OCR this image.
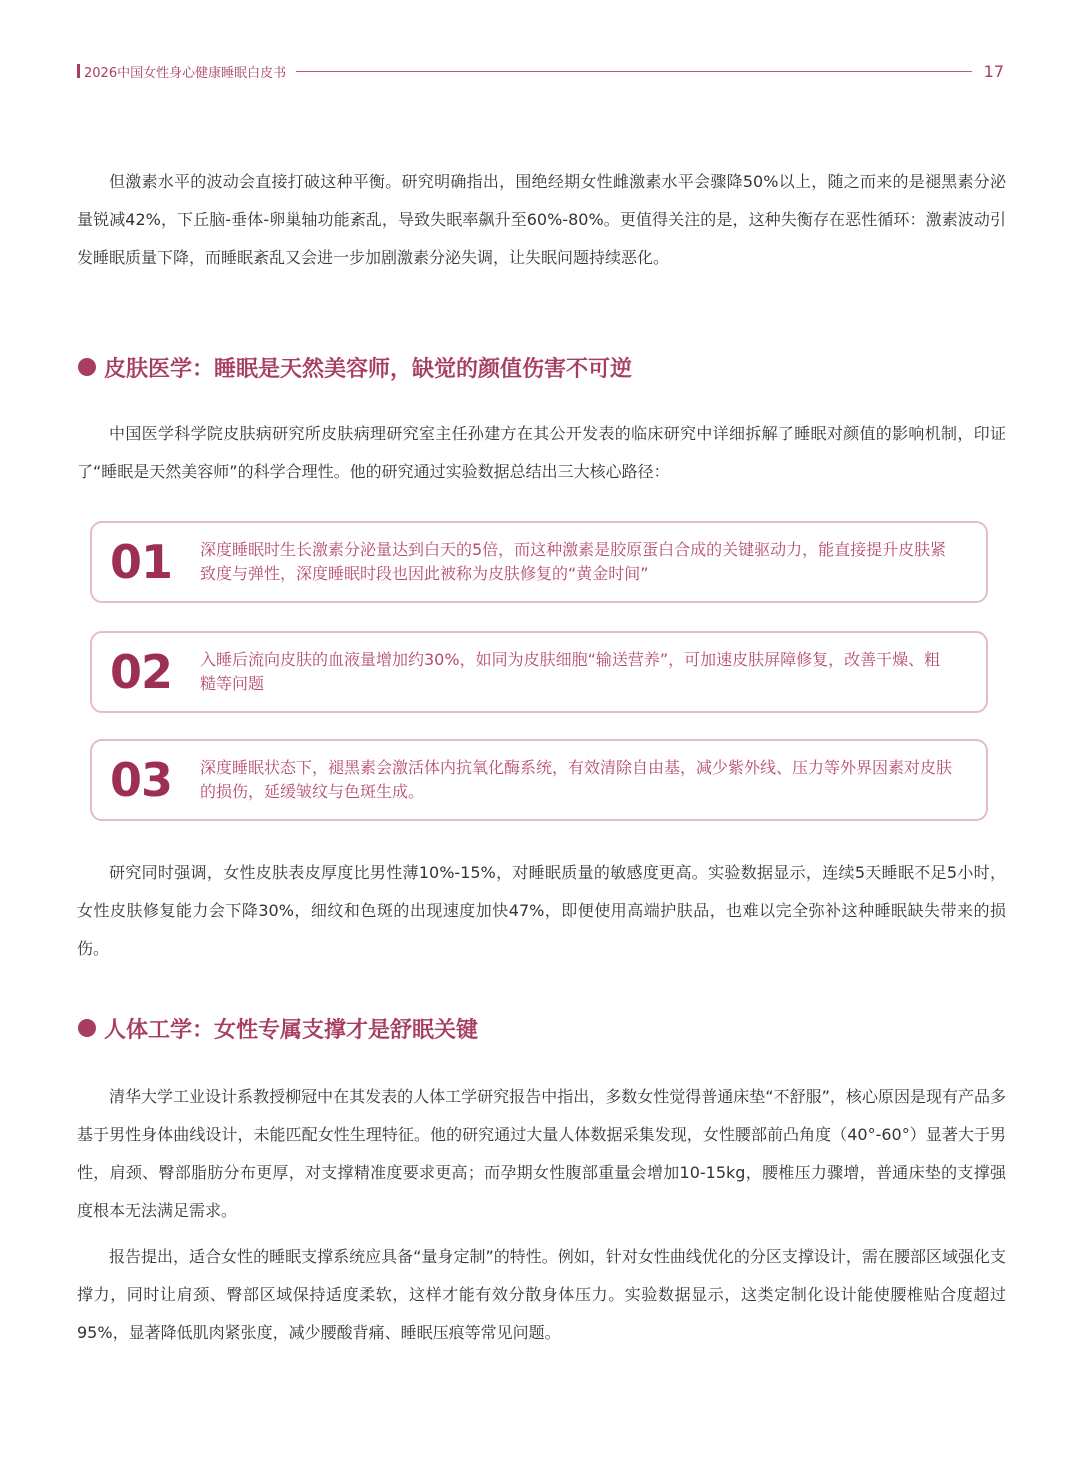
2026中国女性身心健康睡眠白皮书	17

但激素水平的波动会直接打破这种平衡。研究明确指出，围绝经期女性雌激素水平会骤降50%以上，随之而来的是褪黑素分泌量锐减42%，下丘脑-垂体-卵巢轴功能紊乱，导致失眠率飙升至60%-80%。更值得关注的是，这种失衡存在恶性循环：激素波动引发睡眠质量下降，而睡眠紊乱又会进一步加剧激素分泌失调，让失眠问题持续恶化。

皮肤医学：睡眠是天然美容师，缺觉的颜值伤害不可逆

中国医学科学院皮肤病研究所皮肤病理研究室主任孙建方在其公开发表的临床研究中详细拆解了睡眠对颜值的影响机制，印证了“睡眠是天然美容师”的科学合理性。他的研究通过实验数据总结出三大核心路径：

01	深度睡眠时生长激素分泌量达到白天的5倍，而这种激素是胶原蛋白合成的关键驱动力，能直接提升皮肤紧致度与弹性，深度睡眠时段也因此被称为皮肤修复的“黄金时间”
02	入睡后流向皮肤的血液量增加约30%，如同为皮肤细胞“输送营养”，可加速皮肤屏障修复，改善干燥、粗糙等问题
03	深度睡眠状态下，褪黑素会激活体内抗氧化酶系统，有效清除自由基，减少紫外线、压力等外界因素对皮肤的损伤，延缓皱纹与色斑生成。

研究同时强调，女性皮肤表皮厚度比男性薄10%-15%，对睡眠质量的敏感度更高。实验数据显示，连续5天睡眠不足5小时，女性皮肤修复能力会下降30%，细纹和色斑的出现速度加快47%，即便使用高端护肤品，也难以完全弥补这种睡眠缺失带来的损伤。

人体工学：女性专属支撑才是舒眠关键

清华大学工业设计系教授柳冠中在其发表的人体工学研究报告中指出，多数女性觉得普通床垫“不舒服”，核心原因是现有产品多基于男性身体曲线设计，未能匹配女性生理特征。他的研究通过大量人体数据采集发现，女性腰部前凸角度（40°-60°）显著大于男性，肩颈、臀部脂肪分布更厚，对支撑精准度要求更高；而孕期女性腹部重量会增加10-15kg，腰椎压力骤增，普通床垫的支撑强度根本无法满足需求。

报告提出，适合女性的睡眠支撑系统应具备“量身定制”的特性。例如，针对女性曲线优化的分区支撑设计，需在腰部区域强化支撑力，同时让肩颈、臀部区域保持适度柔软，这样才能有效分散身体压力。实验数据显示，这类定制化设计能使腰椎贴合度超过95%，显著降低肌肉紧张度，减少腰酸背痛、睡眠压痕等常见问题。
